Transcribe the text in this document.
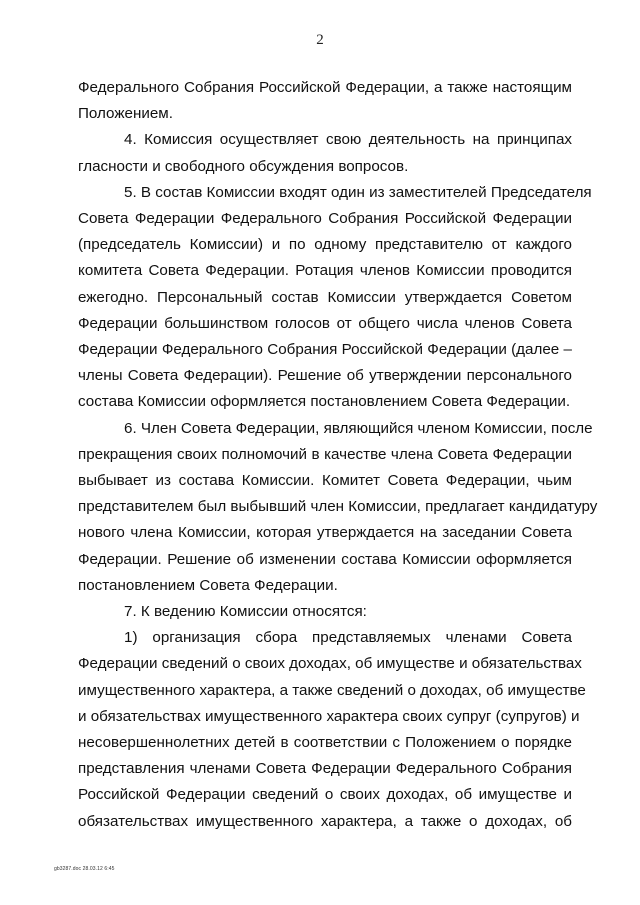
2

Федерального Собрания Российской Федерации, а также настоящим
Положением.

4. Комиссия осуществляет свою деятельность на принципах
гласности и свободного обсуждения вопросов.

5. В состав Комиссии входят один из заместителей Председателя
Совета Федерации Федерального Собрания Российской Федерации
(председатель Комиссии) и по одному представителю от каждого
комитета Совета Федерации. Ротация членов Комиссии проводится
ежегодно. Персональный состав Комиссии утверждается Советом
Федерации большинством голосов от общего числа членов Совета
Федерации Федерального Собрания Российской Федерации (далее –
члены Совета Федерации). Решение об утверждении персонального
состава Комиссии оформляется постановлением Совета Федерации.

6. Член Совета Федерации, являющийся членом Комиссии, после
прекращения своих полномочий в качестве члена Совета Федерации
выбывает из состава Комиссии. Комитет Совета Федерации, чьим
представителем был выбывший член Комиссии, предлагает кандидатуру
нового члена Комиссии, которая утверждается на заседании Совета
Федерации. Решение об изменении состава Комиссии оформляется
постановлением Совета Федерации.

7. К ведению Комиссии относятся:

1) организация сбора представляемых членами Совета
Федерации сведений о своих доходах, об имуществе и обязательствах
имущественного характера, а также сведений о доходах, об имуществе
и обязательствах имущественного характера своих супруг (супругов) и
несовершеннолетних детей в соответствии с Положением о порядке
представления членами Совета Федерации Федерального Собрания
Российской Федерации сведений о своих доходах, об имуществе и
обязательствах имущественного характера, а также о доходах, об

gb3287.doc 28.03.12 6:45
